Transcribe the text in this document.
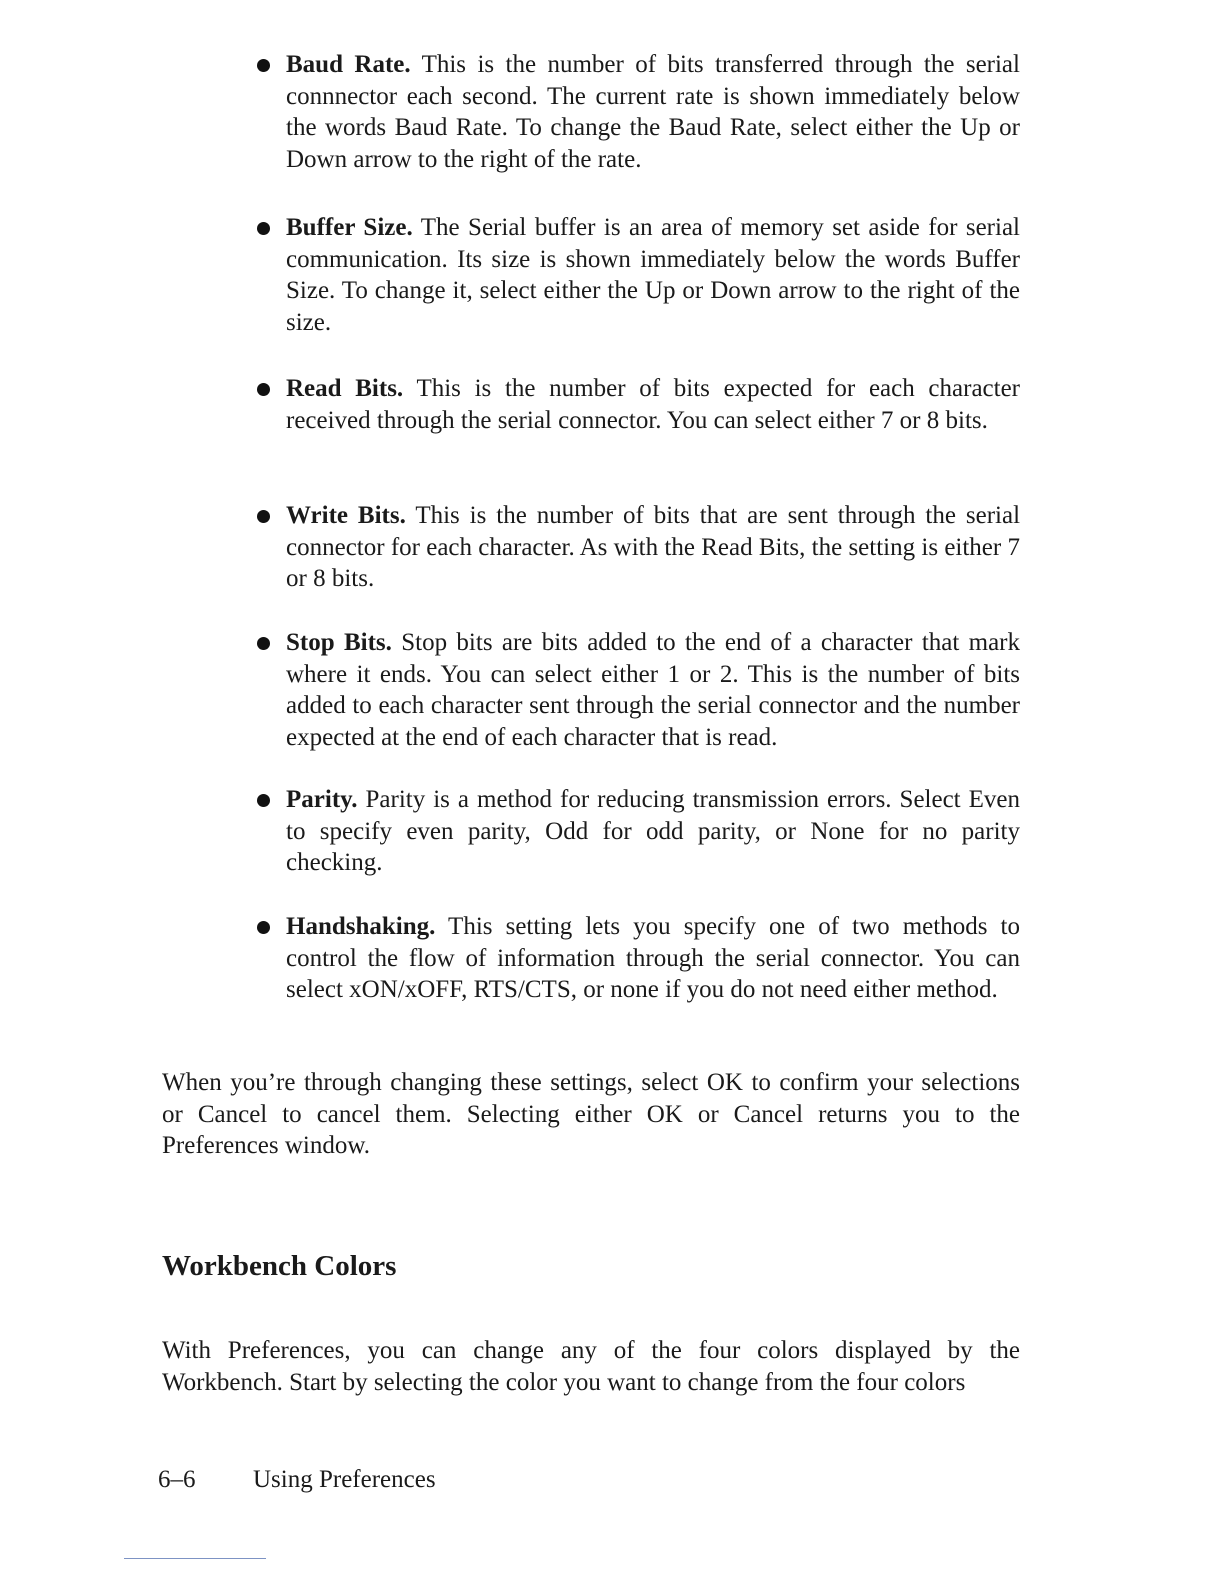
Baud Rate. This is the number of bits transferred through the serial connnector each second. The current rate is shown immediately below the words Baud Rate. To change the Baud Rate, select either the Up or Down arrow to the right of the rate.
Buffer Size. The Serial buffer is an area of memory set aside for serial communication. Its size is shown immediately below the words Buffer Size. To change it, select either the Up or Down arrow to the right of the size.
Read Bits. This is the number of bits expected for each character received through the serial connector. You can select either 7 or 8 bits.
Write Bits. This is the number of bits that are sent through the serial connector for each character. As with the Read Bits, the setting is either 7 or 8 bits.
Stop Bits. Stop bits are bits added to the end of a character that mark where it ends. You can select either 1 or 2. This is the number of bits added to each character sent through the serial connector and the number expected at the end of each character that is read.
Parity. Parity is a method for reducing transmission errors. Select Even to specify even parity, Odd for odd parity, or None for no parity checking.
Handshaking. This setting lets you specify one of two methods to control the flow of information through the serial connector. You can select xON/xOFF, RTS/CTS, or none if you do not need either method.

When you’re through changing these settings, select OK to confirm your selections or Cancel to cancel them. Selecting either OK or Cancel returns you to the Preferences window.

Workbench Colors

With Preferences, you can change any of the four colors displayed by the Workbench. Start by selecting the color you want to change from the four colors

6–6 Using Preferences
